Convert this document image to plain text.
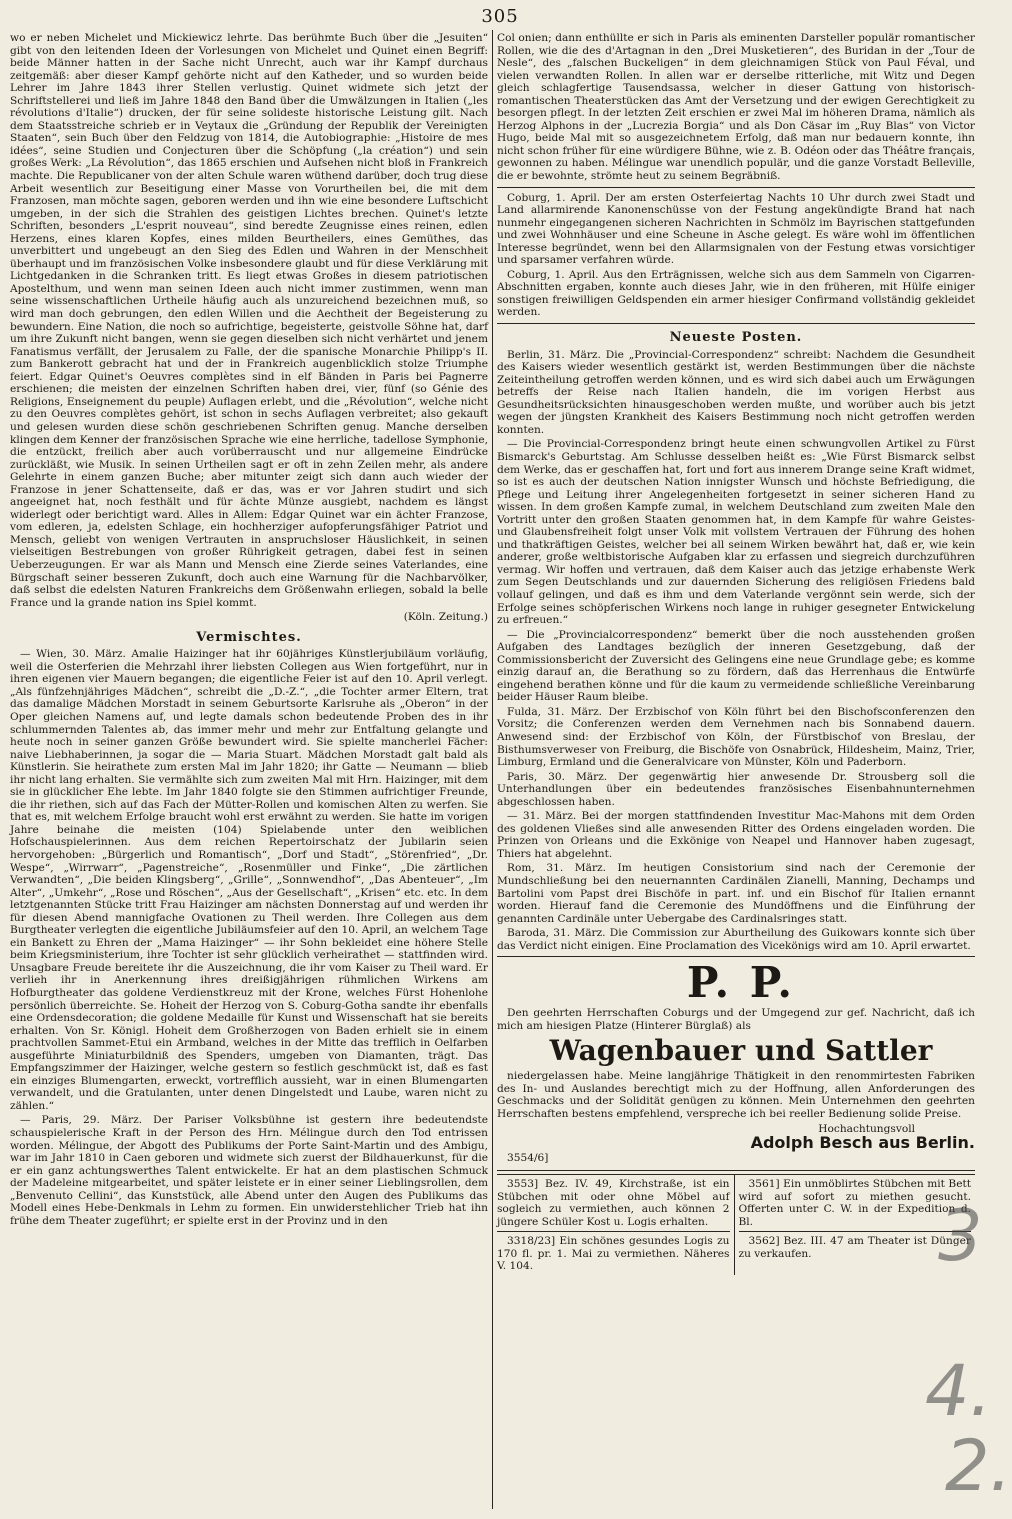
305

wo er neben Michelet und Mickiewicz lehrte. Das berühmte Buch über die „Jesuiten“ gibt von den leitenden Ideen der Vorlesungen von Michelet und Quinet einen Begriff: beide Männer hatten in der Sache nicht Unrecht, auch war ihr Kampf durchaus zeitgemäß: aber dieser Kampf gehörte nicht auf den Katheder, und so wurden beide Lehrer im Jahre 1843 ihrer Stellen verlustig. Quinet widmete sich jetzt der Schriftstellerei und ließ im Jahre 1848 den Band über die Umwälzungen in Italien („les révolutions d'Italie“) drucken, der für seine solideste historische Leistung gilt. Nach dem Staatsstreiche schrieb er in Veytaux die „Gründung der Republik der Vereinigten Staaten“, sein Buch über den Feldzug von 1814, die Autobiographie: „Histoire de mes idées“, seine Studien und Conjecturen über die Schöpfung („la création“) und sein großes Werk: „La Révolution“, das 1865 erschien und Aufsehen nicht bloß in Frankreich machte. Die Republicaner von der alten Schule waren wüthend darüber, doch trug diese Arbeit wesentlich zur Beseitigung einer Masse von Vorurtheilen bei, die mit dem Franzosen, man möchte sagen, geboren werden und ihn wie eine besondere Luftschicht umgeben, in der sich die Strahlen des geistigen Lichtes brechen. Quinet's letzte Schriften, besonders „L'esprit nouveau“, sind beredte Zeugnisse eines reinen, edlen Herzens, eines klaren Kopfes, eines milden Beurtheilers, eines Gemüthes, das unverbittert und ungebeugt an den Sieg des Edlen und Wahren in der Menschheit überhaupt und im französischen Volke insbesondere glaubt und für diese Verklärung mit Lichtgedanken in die Schranken tritt. Es liegt etwas Großes in diesem patriotischen Apostelthum, und wenn man seinen Ideen auch nicht immer zustimmen, wenn man seine wissenschaftlichen Urtheile häufig auch als unzureichend bezeichnen muß, so wird man doch gebrungen, den edlen Willen und die Aechtheit der Begeisterung zu bewundern. Eine Nation, die noch so aufrichtige, begeisterte, geistvolle Söhne hat, darf um ihre Zukunft nicht bangen, wenn sie gegen dieselben sich nicht verhärtet und jenem Fanatismus verfällt, der Jerusalem zu Falle, der die spanische Monarchie Philipp's II. zum Bankerott gebracht hat und der in Frankreich augenblicklich stolze Triumphe feiert. Edgar Quinet's Oeuvres complètes sind in elf Bänden in Paris bei Pagnerre erschienen; die meisten der einzelnen Schriften haben drei, vier, fünf (so Génie des Religions, Enseignement du peuple) Auflagen erlebt, und die „Révolution“, welche nicht zu den Oeuvres complètes gehört, ist schon in sechs Auflagen verbreitet; also gekauft und gelesen wurden diese schön geschriebenen Schriften genug. Manche derselben klingen dem Kenner der französischen Sprache wie eine herrliche, tadellose Symphonie, die entzückt, freilich aber auch vorüberrauscht und nur allgemeine Eindrücke zurückläßt, wie Musik. In seinen Urtheilen sagt er oft in zehn Zeilen mehr, als andere Gelehrte in einem ganzen Buche; aber mitunter zeigt sich dann auch wieder der Franzose in jener Schattenseite, daß er das, was er vor Jahren studirt und sich angeeignet hat, noch festhält und für ächte Münze ausgiebt, nachdem es längst widerlegt oder berichtigt ward. Alles in Allem: Edgar Quinet war ein ächter Franzose, vom edleren, ja, edelsten Schlage, ein hochherziger aufopferungsfähiger Patriot und Mensch, geliebt von wenigen Vertrauten in anspruchsloser Häuslichkeit, in seinen vielseitigen Bestrebungen von großer Rührigkeit getragen, dabei fest in seinen Ueberzeugungen. Er war als Mann und Mensch eine Zierde seines Vaterlandes, eine Bürgschaft seiner besseren Zukunft, doch auch eine Warnung für die Nachbarvölker, daß selbst die edelsten Naturen Frankreichs dem Größenwahn erliegen, sobald la belle France und la grande nation ins Spiel kommt.

(Köln. Zeitung.)

Vermischtes.

— Wien, 30. März. Amalie Haizinger hat ihr 60jähriges Künstlerjubiläum vorläufig, weil die Osterferien die Mehrzahl ihrer liebsten Collegen aus Wien fortgeführt, nur in ihren eigenen vier Mauern begangen; die eigentliche Feier ist auf den 10. April verlegt. „Als fünfzehnjähriges Mädchen“, schreibt die „D.-Z.“, „die Tochter armer Eltern, trat das damalige Mädchen Morstadt in seinem Geburtsorte Karlsruhe als „Oberon“ in der Oper gleichen Namens auf, und legte damals schon bedeutende Proben des in ihr schlummernden Talentes ab, das immer mehr und mehr zur Entfaltung gelangte und heute noch in seiner ganzen Größe bewundert wird. Sie spielte mancherlei Fächer: naive Liebhaberinnen, ja sogar die — Maria Stuart. Mädchen Morstadt galt bald als Künstlerin. Sie heirathete zum ersten Mal im Jahr 1820; ihr Gatte — Neumann — blieb ihr nicht lang erhalten. Sie vermählte sich zum zweiten Mal mit Hrn. Haizinger, mit dem sie in glücklicher Ehe lebte. Im Jahr 1840 folgte sie den Stimmen aufrichtiger Freunde, die ihr riethen, sich auf das Fach der Mütter-Rollen und komischen Alten zu werfen. Sie that es, mit welchem Erfolge braucht wohl erst erwähnt zu werden. Sie hatte im vorigen Jahre beinahe die meisten (104) Spielabende unter den weiblichen Hofschauspielerinnen. Aus dem reichen Repertoirschatz der Jubilarin seien hervorgehoben: „Bürgerlich und Romantisch“, „Dorf und Stadt“, „Störenfried“, „Dr. Wespe“, „Wirrwarr“, „Pagenstreiche“, „Rosenmüller und Finke“, „Die zärtlichen Verwandten“, „Die beiden Klingsberg“, „Grille“, „Sonnwendhof“, „Das Abenteuer“, „Im Alter“, „Umkehr“, „Rose und Röschen“, „Aus der Gesellschaft“, „Krisen“ etc. etc. In dem letztgenannten Stücke tritt Frau Haizinger am nächsten Donnerstag auf und werden ihr für diesen Abend mannigfache Ovationen zu Theil werden. Ihre Collegen aus dem Burgtheater verlegten die eigentliche Jubiläumsfeier auf den 10. April, an welchem Tage ein Bankett zu Ehren der „Mama Haizinger“ — ihr Sohn bekleidet eine höhere Stelle beim Kriegsministerium, ihre Tochter ist sehr glücklich verheirathet — stattfinden wird. Unsagbare Freude bereitete ihr die Auszeichnung, die ihr vom Kaiser zu Theil ward. Er verlieh ihr in Anerkennung ihres dreißigjährigen rühmlichen Wirkens am Hofburgtheater das goldene Verdienstkreuz mit der Krone, welches Fürst Hohenlohe persönlich überreichte. Se. Hoheit der Herzog von S. Coburg-Gotha sandte ihr ebenfalls eine Ordensdecoration; die goldene Medaille für Kunst und Wissenschaft hat sie bereits erhalten. Von Sr. Königl. Hoheit dem Großherzogen von Baden erhielt sie in einem prachtvollen Sammet-Etui ein Armband, welches in der Mitte das trefflich in Oelfarben ausgeführte Miniaturbildniß des Spenders, umgeben von Diamanten, trägt. Das Empfangszimmer der Haizinger, welche gestern so festlich geschmückt ist, daß es fast ein einziges Blumengarten, erweckt, vortrefflich aussieht, war in einen Blumengarten verwandelt, und die Gratulanten, unter denen Dingelstedt und Laube, waren nicht zu zählen.“

— Paris, 29. März. Der Pariser Volksbühne ist gestern ihre bedeutendste schauspielerische Kraft in der Person des Hrn. Mélingue durch den Tod entrissen worden. Mélingue, der Abgott des Publikums der Porte Saint-Martin und des Ambigu, war im Jahr 1810 in Caen geboren und widmete sich zuerst der Bildhauerkunst, für die er ein ganz achtungswerthes Talent entwickelte. Er hat an dem plastischen Schmuck der Madeleine mitgearbeitet, und später leistete er in einer seiner Lieblingsrollen, dem „Benvenuto Cellini“, das Kunststück, alle Abend unter den Augen des Publikums das Modell eines Hebe-Denkmals in Lehm zu formen. Ein unwiderstehlicher Trieb hat ihn frühe dem Theater zugeführt; er spielte erst in der Provinz und in den

Col onien; dann enthüllte er sich in Paris als eminenten Darsteller populär romantischer Rollen, wie die des d'Artagnan in den „Drei Musketieren“, des Buridan in der „Tour de Nesle“, des „falschen Buckeligen“ in dem gleichnamigen Stück von Paul Féval, und vielen verwandten Rollen. In allen war er derselbe ritterliche, mit Witz und Degen gleich schlagfertige Tausendsassa, welcher in dieser Gattung von historisch-romantischen Theaterstücken das Amt der Versetzung und der ewigen Gerechtigkeit zu besorgen pflegt. In der letzten Zeit erschien er zwei Mal im höheren Drama, nämlich als Herzog Alphons in der „Lucrezia Borgia“ und als Don Cäsar im „Ruy Blas“ von Victor Hugo, beide Mal mit so ausgezeichnetem Erfolg, daß man nur bedauern konnte, ihn nicht schon früher für eine würdigere Bühne, wie z. B. Odéon oder das Théâtre français, gewonnen zu haben. Mélingue war unendlich populär, und die ganze Vorstadt Belleville, die er bewohnte, strömte heut zu seinem Begräbniß.

Coburg, 1. April. Der am ersten Osterfeiertag Nachts 10 Uhr durch zwei Stadt und Land allarmirende Kanonenschüsse von der Festung angekündigte Brand hat nach nunmehr eingegangenen sicheren Nachrichten in Schmölz im Bayrischen stattgefunden und zwei Wohnhäuser und eine Scheune in Asche gelegt. Es wäre wohl im öffentlichen Interesse begründet, wenn bei den Allarmsignalen von der Festung etwas vorsichtiger und sparsamer verfahren würde.

Coburg, 1. April. Aus den Erträgnissen, welche sich aus dem Sammeln von Cigarren-Abschnitten ergaben, konnte auch dieses Jahr, wie in den früheren, mit Hülfe einiger sonstigen freiwilligen Geldspenden ein armer hiesiger Confirmand vollständig gekleidet werden.

Neueste Posten.

Berlin, 31. März. Die „Provincial-Correspondenz“ schreibt: Nachdem die Gesundheit des Kaisers wieder wesentlich gestärkt ist, werden Bestimmungen über die nächste Zeiteintheilung getroffen werden können, und es wird sich dabei auch um Erwägungen betreffs der Reise nach Italien handeln, die im vorigen Herbst aus Gesundheitsrücksichten hinausgeschoben werden mußte, und worüber auch bis jetzt wegen der jüngsten Krankheit des Kaisers Bestimmung noch nicht getroffen werden konnten.

— Die Provincial-Correspondenz bringt heute einen schwungvollen Artikel zu Fürst Bismarck's Geburtstag. Am Schlusse desselben heißt es: „Wie Fürst Bismarck selbst dem Werke, das er geschaffen hat, fort und fort aus innerem Drange seine Kraft widmet, so ist es auch der deutschen Nation innigster Wunsch und höchste Befriedigung, die Pflege und Leitung ihrer Angelegenheiten fortgesetzt in seiner sicheren Hand zu wissen. In dem großen Kampfe zumal, in welchem Deutschland zum zweiten Male den Vortritt unter den großen Staaten genommen hat, in dem Kampfe für wahre Geistes- und Glaubensfreiheit folgt unser Volk mit vollstem Vertrauen der Führung des hohen und thatkräftigen Geistes, welcher bei all seinem Wirken bewährt hat, daß er, wie kein anderer, große weltbistorische Aufgaben klar zu erfassen und siegreich durchzuführen vermag. Wir hoffen und vertrauen, daß dem Kaiser auch das jetzige erhabenste Werk zum Segen Deutschlands und zur dauernden Sicherung des religiösen Friedens bald vollauf gelingen, und daß es ihm und dem Vaterlande vergönnt sein werde, sich der Erfolge seines schöpferischen Wirkens noch lange in ruhiger gesegneter Entwickelung zu erfreuen.“

— Die „Provincialcorrespondenz“ bemerkt über die noch ausstehenden großen Aufgaben des Landtages bezüglich der inneren Gesetzgebung, daß der Commissionsbericht der Zuversicht des Gelingens eine neue Grundlage gebe; es komme einzig darauf an, die Berathung so zu fördern, daß das Herrenhaus die Entwürfe eingehend berathen könne und für die kaum zu vermeidende schließliche Vereinbarung beider Häuser Raum bleibe.

Fulda, 31. März. Der Erzbischof von Köln führt bei den Bischofsconferenzen den Vorsitz; die Conferenzen werden dem Vernehmen nach bis Sonnabend dauern. Anwesend sind: der Erzbischof von Köln, der Fürstbischof von Breslau, der Bisthumsverweser von Freiburg, die Bischöfe von Osnabrück, Hildesheim, Mainz, Trier, Limburg, Ermland und die Generalvicare von Münster, Köln und Paderborn.

Paris, 30. März. Der gegenwärtig hier anwesende Dr. Strousberg soll die Unterhandlungen über ein bedeutendes französisches Eisenbahnunternehmen abgeschlossen haben.

— 31. März. Bei der morgen stattfindenden Investitur Mac-Mahons mit dem Orden des goldenen Vließes sind alle anwesenden Ritter des Ordens eingeladen worden. Die Prinzen von Orleans und die Exkönige von Neapel und Hannover haben zugesagt, Thiers hat abgelehnt.

Rom, 31. März. Im heutigen Consistorium sind nach der Ceremonie der Mundschließung bei den neuernannten Cardinälen Zianelli, Manning, Dechamps und Bartolini vom Papst drei Bischöfe in part. inf. und ein Bischof für Italien ernannt worden. Hierauf fand die Ceremonie des Mundöffnens und die Einführung der genannten Cardinäle unter Uebergabe des Cardinalsringes statt.

Baroda, 31. März. Die Commission zur Aburtheilung des Guikowars konnte sich über das Verdict nicht einigen. Eine Proclamation des Vicekönigs wird am 10. April erwartet.

P. P.

Den geehrten Herrschaften Coburgs und der Umgegend zur gef. Nachricht, daß ich mich am hiesigen Platze (Hinterer Bürglaß) als

Wagenbauer und Sattler

niedergelassen habe. Meine langjährige Thätigkeit in den renommirtesten Fabriken des In- und Auslandes berechtigt mich zu der Hoffnung, allen Anforderungen des Geschmacks und der Solidität genügen zu können. Mein Unternehmen den geehrten Herrschaften bestens empfehlend, verspreche ich bei reeller Bedienung solide Preise.

Hochachtungsvoll

Adolph Besch aus Berlin.

3554/6]

3553] Bez. IV. 49, Kirchstraße, ist ein Stübchen mit oder ohne Möbel auf sogleich zu vermiethen, auch können 2 jüngere Schüler Kost u. Logis erhalten.

3318/23] Ein schönes gesundes Logis zu 170 fl. pr. 1. Mai zu vermiethen. Näheres V. 104.

3561] Ein unmöblirtes Stübchen mit Bett wird auf sofort zu miethen gesucht. Offerten unter C. W. in der Expedition d. Bl.

3562] Bez. III. 47 am Theater ist Dünger zu verkaufen.	3
4.
2.
